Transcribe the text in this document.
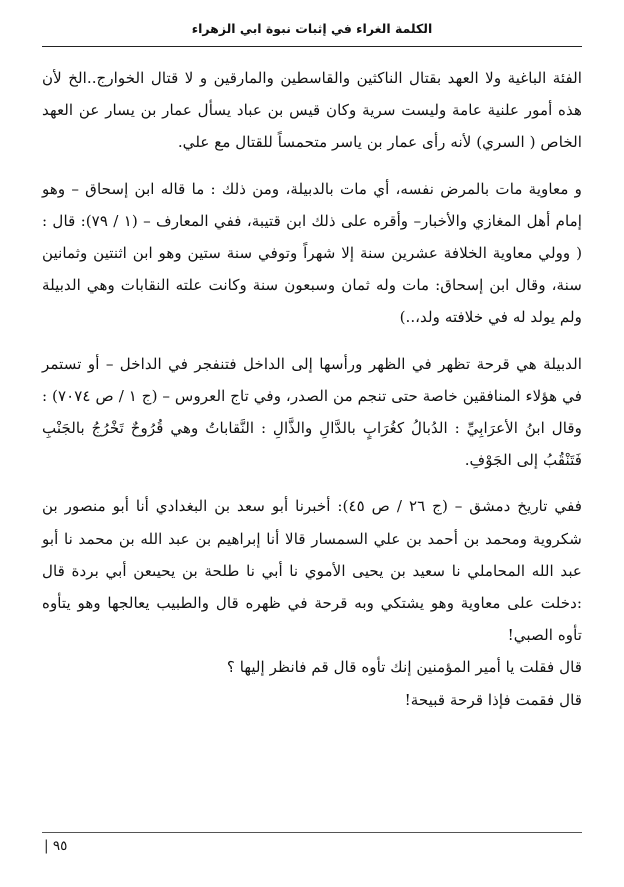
الكلمة الغراء في إثبات نبوة ابي الزهراء

الفئة الباغية ولا العهد بقتال الناكثين والقاسطين والمارقين و لا قتال الخوارج..الخ لأن هذه أمور علنية عامة وليست سرية وكان قيس بن عباد يسأل عمار بن يسار عن العهد الخاص ( السري) لأنه رأى عمار بن ياسر متحمساً للقتال مع علي.

و معاوية مات بالمرض نفسه، أي مات بالدبيلة، ومن ذلك : ما قاله ابن إسحاق – وهو إمام أهل المغازي والأخبار– وأقره على ذلك ابن قتيبة، ففي المعارف – (١ / ٧٩): قال : ( وولي معاوية الخلافة عشرين سنة إلا شهراً وتوفي سنة ستين وهو ابن اثنتين وثمانين سنة، وقال ابن إسحاق: مات وله ثمان وسبعون سنة وكانت علته النقابات وهي الدبيلة ولم يولد له في خلافته ولد،..)

الدبيلة هي قرحة تظهر في الظهر ورأسها إلى الداخل فتنفجر في الداخل – أو تستمر في هؤلاء المنافقين خاصة حتى تنجم من الصدر، وفي تاج العروس – (ج ١ / ص ٧٠٧٤) : وقال ابنُ الأعرَابِيِّ : الدُبالُ كغُرَابٍ بالدَّالِ والذَّالِ : النَّقاباتُ وهي قُرُوحٌ تَخْرُجُ بالجَنْبِ فَتَنْقُبُ إلى الجَوْفِ.

ففي تاريخ دمشق – (ج ٢٦ / ص ٤٥): أخبرنا أبو سعد بن البغدادي أنا أبو منصور بن شكروية ومحمد بن أحمد بن علي السمسار قالا أنا إبراهيم بن عبد الله بن محمد نا أبو عبد الله المحاملي نا سعيد بن يحيى الأموي نا أبي نا طلحة بن يحيىعن أبي بردة قال :دخلت على معاوية وهو يشتكي وبه قرحة في ظهره قال والطبيب يعالجها وهو يتأوه تأوه الصبي!

قال فقلت يا أمير المؤمنين إنك تأوه قال قم فانظر إليها ؟

قال فقمت فإذا قرحة قبيحة!

٩٥ |
